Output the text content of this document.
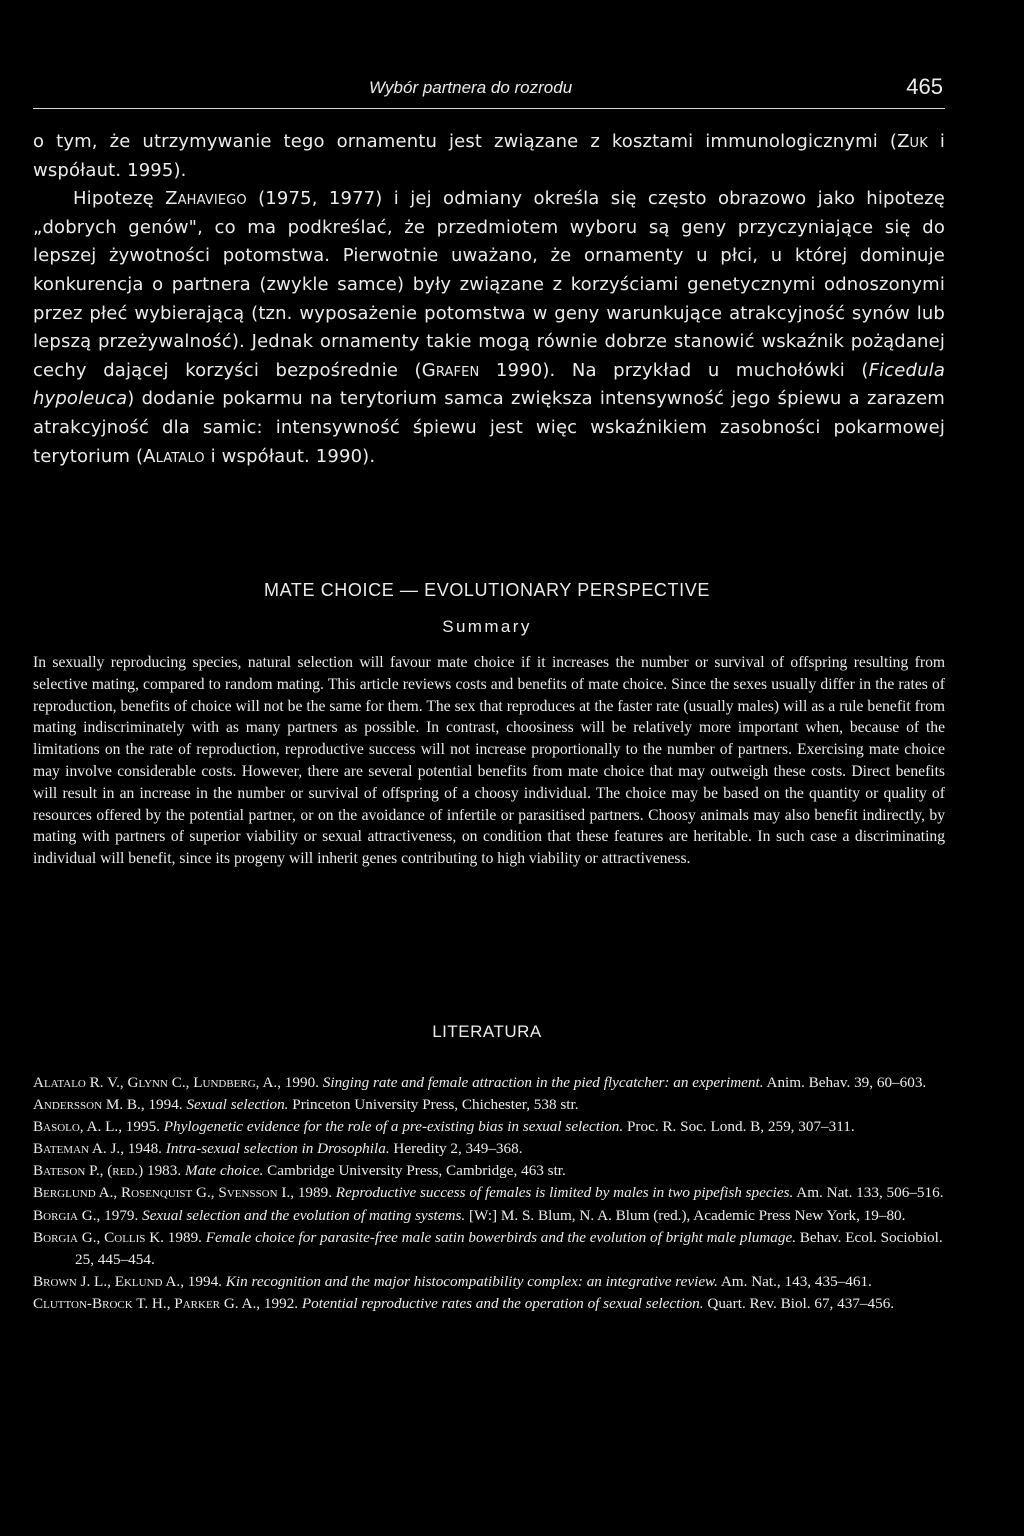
Wybór partnera do rozrodu	465

o tym, że utrzymywanie tego ornamentu jest związane z kosztami immunologicznymi (Zuk i współaut. 1995).

Hipotezę Zahaviego (1975, 1977) i jej odmiany określa się często obrazowo jako hipotezę „dobrych genów", co ma podkreślać, że przedmiotem wyboru są geny przyczyniające się do lepszej żywotności potomstwa. Pierwotnie uważano, że ornamenty u płci, u której dominuje konkurencja o partnera (zwykle samce) były związane z korzyściami genetycznymi odnoszonymi przez płeć wybierającą (tzn. wyposażenie potomstwa w geny warunkujące atrakcyjność synów lub lepszą przeżywalność). Jednak ornamenty takie mogą równie dobrze stanowić wskaźnik pożądanej cechy dającej korzyści bezpośrednie (Grafen 1990). Na przykład u muchołówki (Ficedula hypoleuca) dodanie pokarmu na terytorium samca zwiększa intensywność jego śpiewu a zarazem atrakcyjność dla samic: intensywność śpiewu jest więc wskaźnikiem zasobności pokarmowej terytorium (Alatalo i współaut. 1990).

MATE CHOICE — EVOLUTIONARY PERSPECTIVE
Summary

In sexually reproducing species, natural selection will favour mate choice if it increases the number or survival of offspring resulting from selective mating, compared to random mating. This article reviews costs and benefits of mate choice. Since the sexes usually differ in the rates of reproduction, benefits of choice will not be the same for them. The sex that reproduces at the faster rate (usually males) will as a rule benefit from mating indiscriminately with as many partners as possible. In contrast, choosiness will be relatively more important when, because of the limitations on the rate of reproduction, reproductive success will not increase proportionally to the number of partners. Exercising mate choice may involve considerable costs. However, there are several potential benefits from mate choice that may outweigh these costs. Direct benefits will result in an increase in the number or survival of offspring of a choosy individual. The choice may be based on the quantity or quality of resources offered by the potential partner, or on the avoidance of infertile or parasitised partners. Choosy animals may also benefit indirectly, by mating with partners of superior viability or sexual attractiveness, on condition that these features are heritable. In such case a discriminating individual will benefit, since its progeny will inherit genes contributing to high viability or attractiveness.

LITERATURA

Alatalo R. V., Glynn C., Lundberg, A., 1990. Singing rate and female attraction in the pied flycatcher: an experiment. Anim. Behav. 39, 60–603.

Andersson M. B., 1994. Sexual selection. Princeton University Press, Chichester, 538 str.

Basolo, A. L., 1995. Phylogenetic evidence for the role of a pre-existing bias in sexual selection. Proc. R. Soc. Lond. B, 259, 307–311.

Bateman A. J., 1948. Intra-sexual selection in Drosophila. Heredity 2, 349–368.

Bateson P., (red.) 1983. Mate choice. Cambridge University Press, Cambridge, 463 str.

Berglund A., Rosenquist G., Svensson I., 1989. Reproductive success of females is limited by males in two pipefish species. Am. Nat. 133, 506–516.

Borgia G., 1979. Sexual selection and the evolution of mating systems. [W:] M. S. Blum, N. A. Blum (red.), Academic Press New York, 19–80.

Borgia G., Collis K. 1989. Female choice for parasite-free male satin bowerbirds and the evolution of bright male plumage. Behav. Ecol. Sociobiol. 25, 445–454.

Brown J. L., Eklund A., 1994. Kin recognition and the major histocompatibility complex: an integrative review. Am. Nat., 143, 435–461.

Clutton-Brock T. H., Parker G. A., 1992. Potential reproductive rates and the operation of sexual selection. Quart. Rev. Biol. 67, 437–456.
